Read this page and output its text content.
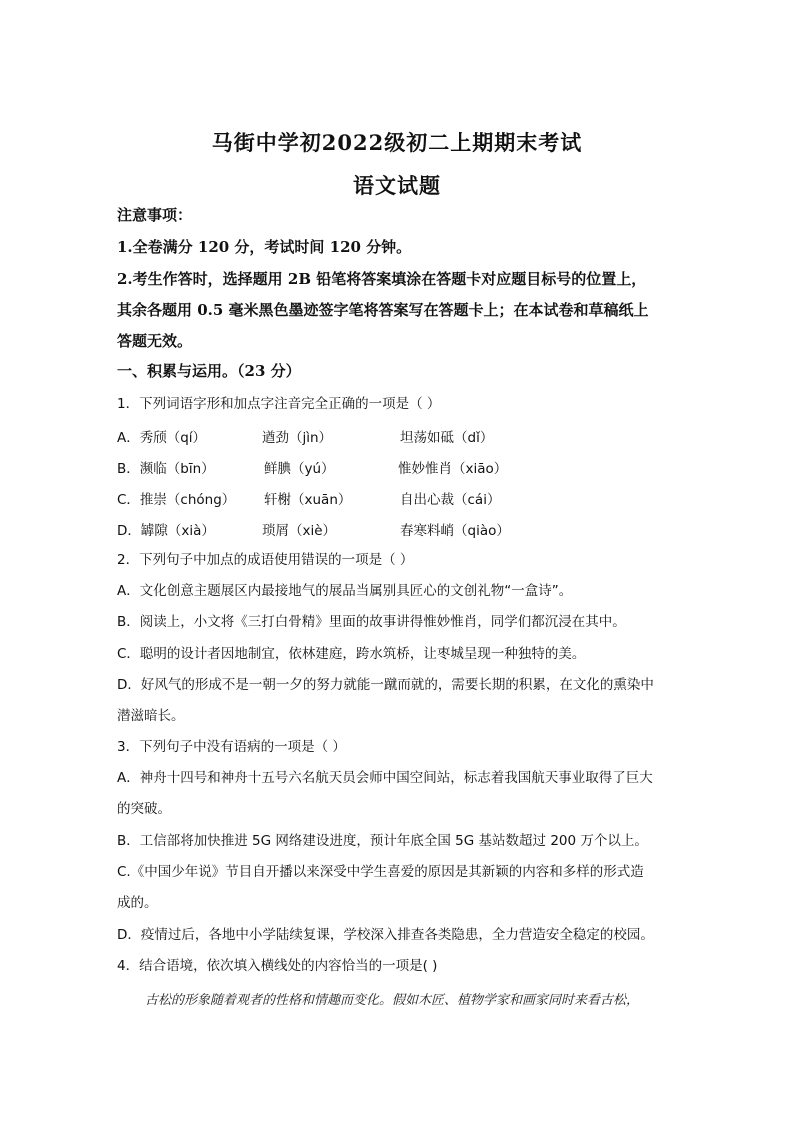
马街中学初2022级初二上期期末考试
语文试题
注意事项：
1.全卷满分 120 分，考试时间 120 分钟。
2.考生作答时，选择题用 2B 铅笔将答案填涂在答题卡对应题目标号的位置上，
其余各题用 0.5 毫米黑色墨迹签字笔将答案写在答题卡上；在本试卷和草稿纸上
答题无效。
一、积累与运用。（23 分）
1．下列词语字形和加点字注音完全正确的一项是（ ）
A．秀颀（qí）	遒劲（jìn）	坦荡如砥（dǐ）
B．濒临（bīn）	鲜腆（yú）	惟妙惟肖（xiāo）
C．推崇（chóng） 轩榭（xuān）	自出心裁（cái）
D．罅隙（xià）	琐屑（xiè）	春寒料峭（qiào）
2．下列句子中加点的成语使用错误的一项是（ ）
A．文化创意主题展区内最接地气的展品当属别具匠心的文创礼物“一盒诗”。
B．阅读上，小文将《三打白骨精》里面的故事讲得惟妙惟肖，同学们都沉浸在其中。
C．聪明的设计者因地制宜，依林建庭，跨水筑桥，让枣城呈现一种独特的美。
D．好风气的形成不是一朝一夕的努力就能一蹴而就的，需要长期的积累，在文化的熏染中
潜滋暗长。
3．下列句子中没有语病的一项是（ ）
A．神舟十四号和神舟十五号六名航天员会师中国空间站，标志着我国航天事业取得了巨大
的突破。
B．工信部将加快推进 5G 网络建设进度，预计年底全国 5G 基站数超过 200 万个以上。
C.《中国少年说》节目自开播以来深受中学生喜爱的原因是其新颖的内容和多样的形式造
成的。
D．疫情过后，各地中小学陆续复课，学校深入排查各类隐患，全力营造安全稳定的校园。
4．结合语境，依次填入横线处的内容恰当的一项是( )
古松的形象随着观者的性格和情趣而变化。假如木匠、植物学家和画家同时来看古松，
